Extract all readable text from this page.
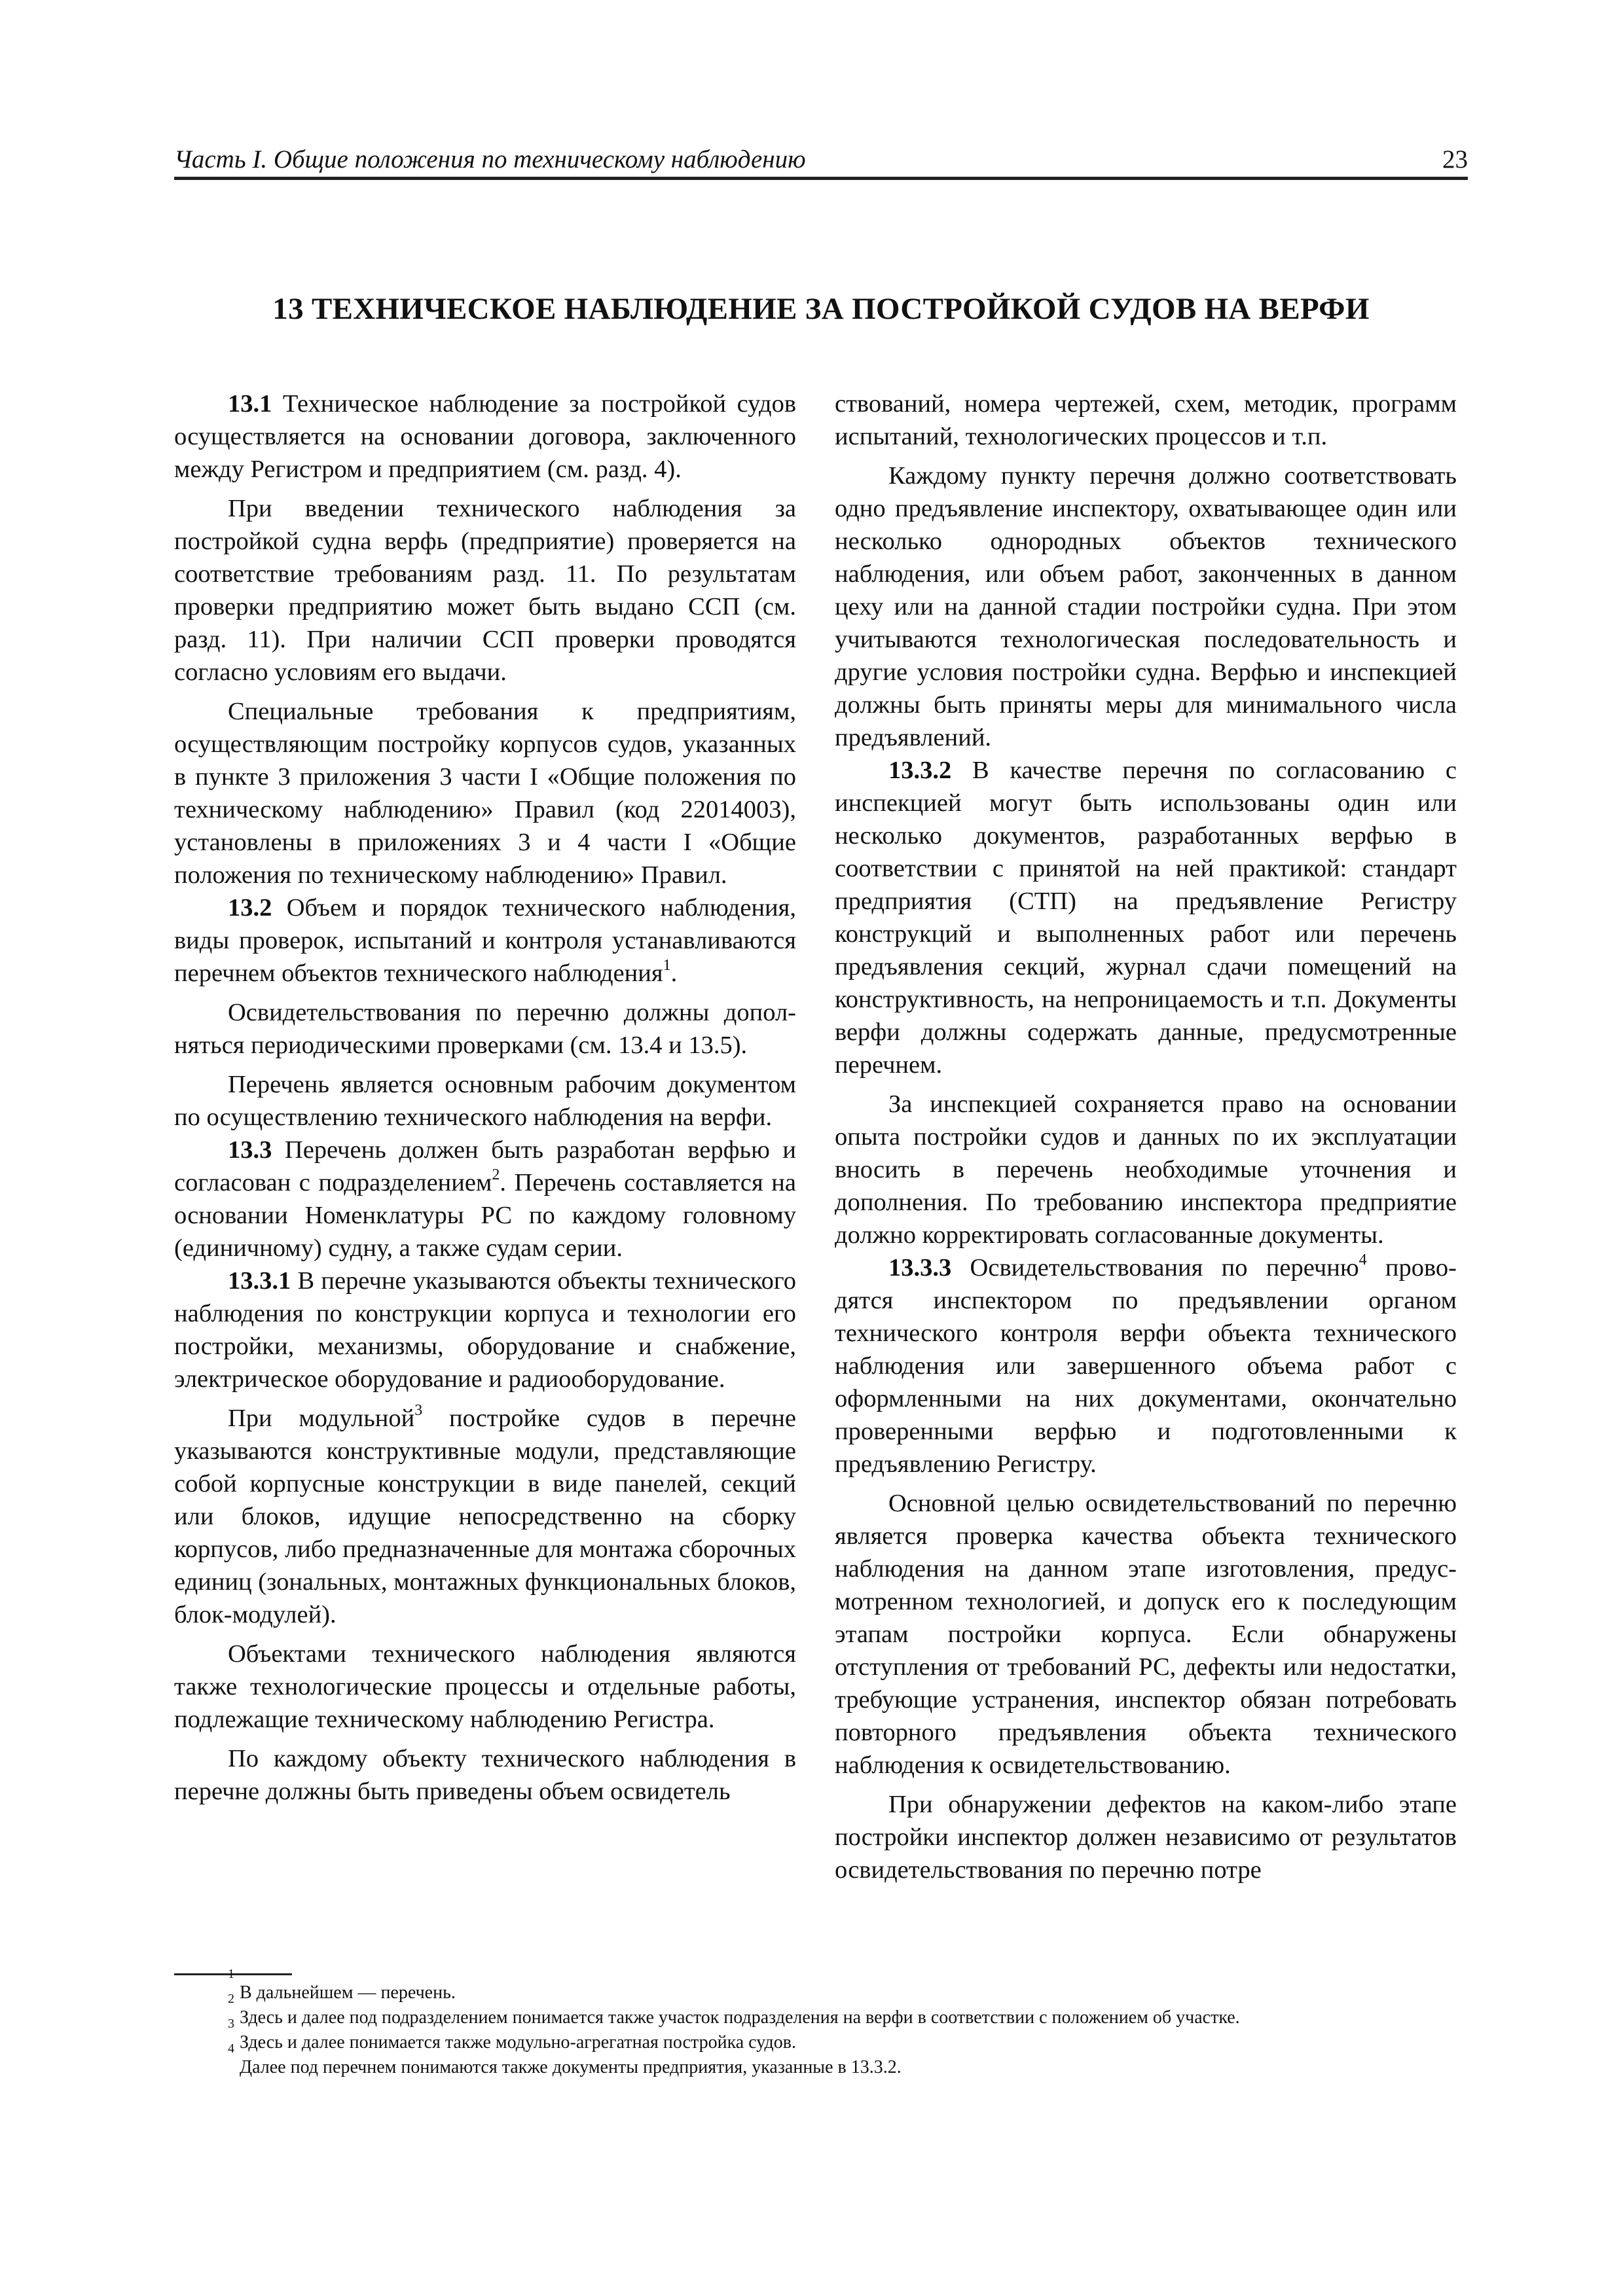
Часть I. Общие положения по техническому наблюдению	23
13 ТЕХНИЧЕСКОЕ НАБЛЮДЕНИЕ ЗА ПОСТРОЙКОЙ СУДОВ НА ВЕРФИ

13.1 Техническое наблюдение за постройкой судов осуществляется на основании договора, заключенного между Регистром и предприятием (см. разд. 4).

При введении технического наблюдения за постройкой судна верфь (предприятие) проверяется на соответствие требованиям разд. 11. По результатам проверки предприятию может быть выдано ССП (см. разд. 11). При наличии ССП проверки проводятся согласно условиям его выдачи.

Специальные требования к предприятиям, осуществляющим постройку корпусов судов, указанных в пункте 3 приложения 3 части I «Общие положения по техническому наблюдению» Правил (код 22014003), установлены в приложениях 3 и 4 части I «Общие положения по техническому наблюдению» Правил.

13.2 Объем и порядок технического наблюдения, виды проверок, испытаний и контроля устанавливаются перечнем объектов технического наблюдения$^1$.

Освидетельствования по перечню должны дополняться периодическими проверками (см. 13.4 и 13.5).

Перечень является основным рабочим документом по осуществлению технического наблюдения на верфи.

13.3 Перечень должен быть разработан верфью и согласован с подразделением$^2$. Перечень составляется на основании Номенклатуры РС по каждому головному (единичному) судну, а также судам серии.

13.3.1 В перечне указываются объекты технического наблюдения по конструкции корпуса и технологии его постройки, механизмы, оборудование и снабжение, электрическое оборудование и радиооборудование.

При модульной$^3$ постройке судов в перечне указываются конструктивные модули, представляющие собой корпусные конструкции в виде панелей, секций или блоков, идущие непосредственно на сборку корпусов, либо предназначенные для монтажа сборочных единиц (зональных, монтажных функциональных блоков, блок-модулей).

Объектами технического наблюдения являются также технологические процессы и отдельные работы, подлежащие техническому наблюдению Регистра.

По каждому объекту технического наблюдения в перечне должны быть приведены объем освидетель

ствований, номера чертежей, схем, методик, программ испытаний, технологических процессов и т.п.

Каждому пункту перечня должно соответствовать одно предъявление инспектору, охватывающее один или несколько однородных объектов технического наблюдения, или объем работ, законченных в данном цеху или на данной стадии постройки судна. При этом учитываются технологическая последовательность и другие условия постройки судна. Верфью и инспекцией должны быть приняты меры для минимального числа предъявлений.

13.3.2 В качестве перечня по согласованию с инспекцией могут быть использованы один или несколько документов, разработанных верфью в соответствии с принятой на ней практикой: стандарт предприятия (СТП) на предъявление Регистру конструкций и выполненных работ или перечень предъявления секций, журнал сдачи помещений на конструктивность, на непроницаемость и т.п. Документы верфи должны содержать данные, предусмотренные перечнем.

За инспекцией сохраняется право на основании опыта постройки судов и данных по их эксплуатации вносить в перечень необходимые уточнения и дополнения. По требованию инспектора предприятие должно корректировать согласованные документы.

13.3.3 Освидетельствования по перечню$^4$ проводятся инспектором по предъявлении органом технического контроля верфи объекта технического наблюдения или завершенного объема работ с оформленными на них документами, окончательно проверенными верфью и подготовленными к предъявлению Регистру.

Основной целью освидетельствований по перечню является проверка качества объекта технического наблюдения на данном этапе изготовления, предусмотренном технологией, и допуск его к последующим этапам постройки корпуса. Если обнаружены отступления от требований РС, дефекты или недостатки, требующие устранения, инспектор обязан потребовать повторного предъявления объекта технического наблюдения к освидетельствованию.

При обнаружении дефектов на каком-либо этапе постройки инспектор должен независимо от результатов освидетельствования по перечню потре

1
В дальнейшем — перечень.
2
Здесь и далее под подразделением понимается также участок подразделения на верфи в соответствии с положением об участке.
3
Здесь и далее понимается также модульно-агрегатная постройка судов.
4
Далее под перечнем понимаются также документы предприятия, указанные в 13.3.2.
